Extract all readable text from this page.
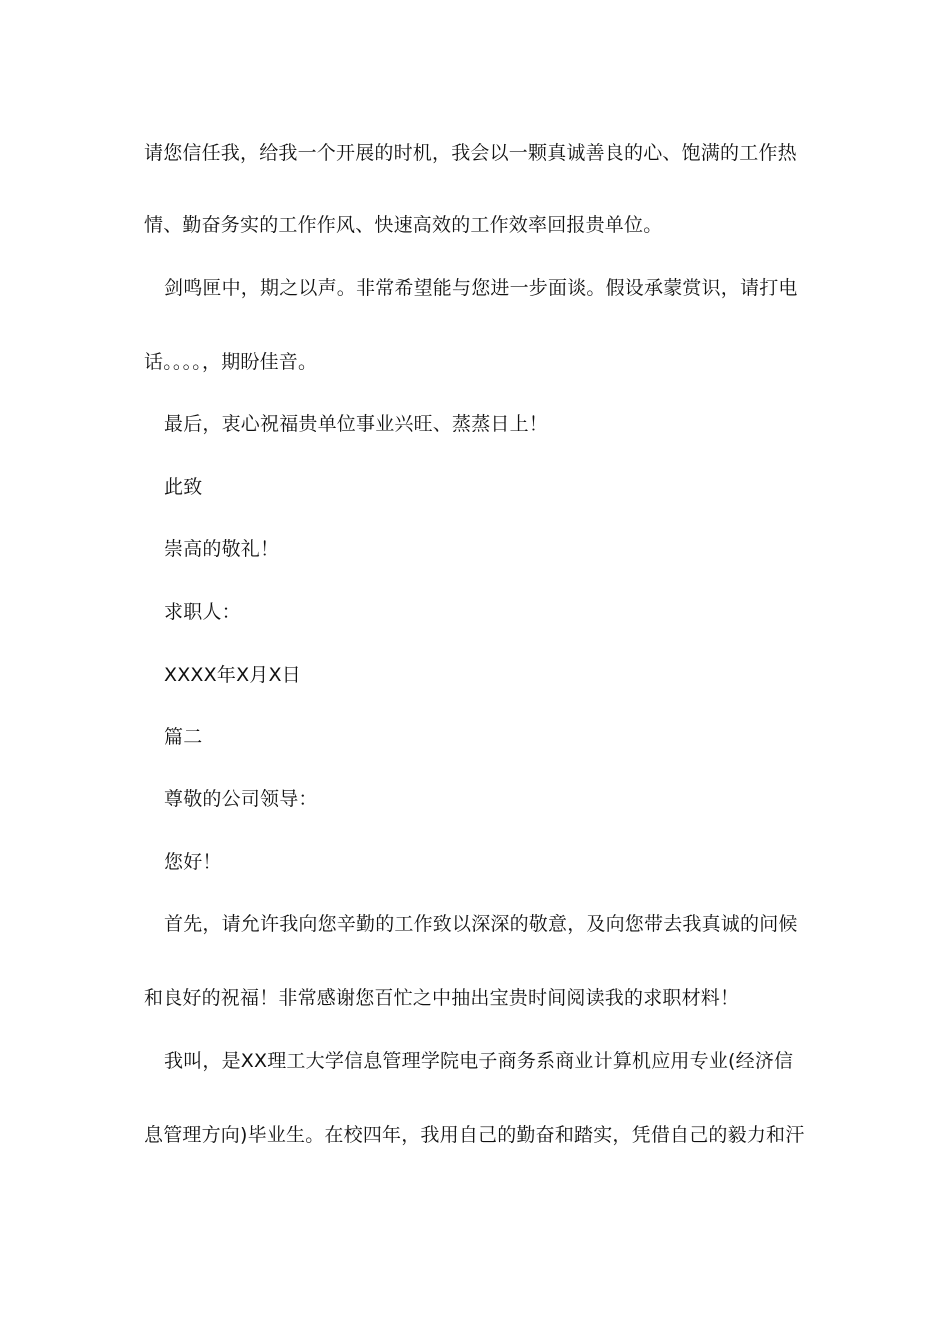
请您信任我，给我一个开展的时机，我会以一颗真诚善良的心、饱满的工作热
情、勤奋务实的工作作风、快速高效的工作效率回报贵单位。
剑鸣匣中，期之以声。非常希望能与您进一步面谈。假设承蒙赏识，请打电
话。。。。，期盼佳音。
最后，衷心祝福贵单位事业兴旺、蒸蒸日上！
此致
崇高的敬礼！
求职人：
XXXX年X月X日
篇二
尊敬的公司领导：
您好！
首先，请允许我向您辛勤的工作致以深深的敬意，及向您带去我真诚的问候
和良好的祝福！非常感谢您百忙之中抽出宝贵时间阅读我的求职材料！
我叫，是XX理工大学信息管理学院电子商务系商业计算机应用专业(经济信
息管理方向)毕业生。在校四年，我用自己的勤奋和踏实，凭借自己的毅力和汗
